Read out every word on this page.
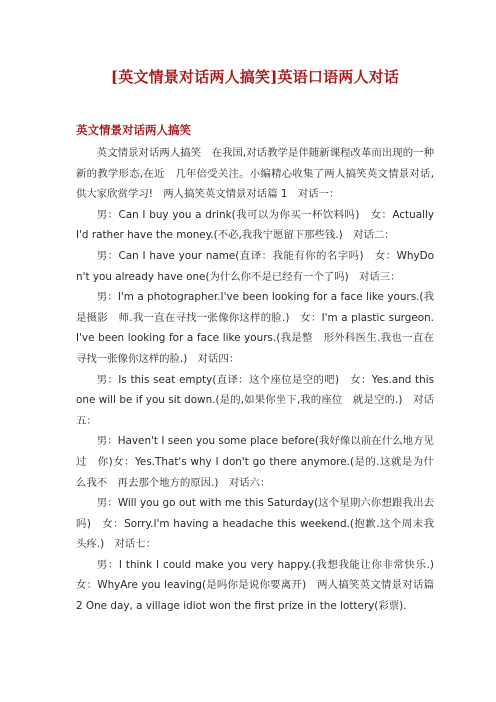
[英文情景对话两人搞笑]英语口语两人对话
英文情景对话两人搞笑

英文情景对话两人搞笑　在我国,对话教学是伴随新课程改革而出现的一种新的教学形态,在近　几年倍受关注。小编精心收集了两人搞笑英文情景对话,供大家欣赏学习!　两人搞笑英文情景对话篇 1　对话一：

男：Can I buy you a drink(我可以为你买一杯饮料吗)　女：Actually I'd rather have the money.(不必,我我宁愿留下那些钱.)　对话二：

男：Can I have your name(直译：我能有你的名字吗)　女：WhyDon't you already have one(为什么你不是已经有一个了吗)　对话三：

男：I'm a photographer.I've been looking for a face like yours.(我是摄影　师.我一直在寻找一张像你这样的脸.)　女：I'm a plastic surgeon.I've been looking for a face like yours.(我是整　形外科医生.我也一直在寻找一张像你这样的脸.)　对话四：

男：Is this seat empty(直译：这个座位是空的吧)　女：Yes.and this one will be if you sit down.(是的,如果你坐下,我的座位　就是空的.)　对话五：

男：Haven't I seen you some place before(我好像以前在什么地方见过　你)女：Yes.That's why I don't go there anymore.(是的.这就是为什么我不　再去那个地方的原因.)　对话六：

男：Will you go out with me this Saturday(这个星期六你想跟我出去吗)　女：Sorry.I'm having a headache this weekend.(抱歉.这个周末我头疼.)　对话七：

男：I think I could make you very happy.(我想我能让你非常快乐.)　女：WhyAre you leaving(是吗你是说你要离开)　两人搞笑英文情景对话篇 2 One day, a village idiot won the first prize in the lottery(彩票).
